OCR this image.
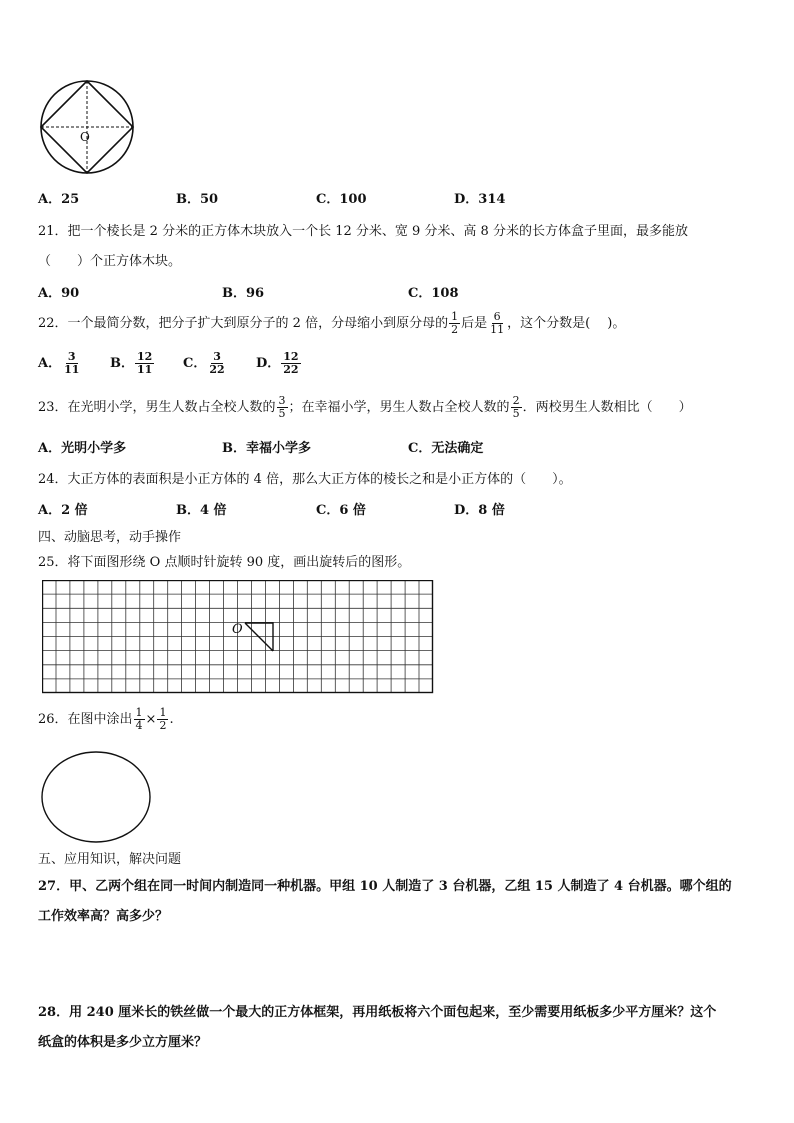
O
A．25	B．50	C．100	D．314
21．把一个棱长是 2 分米的正方体木块放入一个长 12 分米、宽 9 分米、高 8 分米的长方体盒子里面，最多能放
（　　）个正方体木块。
A．90	B．96	C．108
22．一个最简分数，把分子扩大到原分子的 2 倍，分母缩小到原分母的 $\frac{1}{2}$ 后是 $\frac{6}{11}$ ，这个分数是(　 )。
A． $\frac{3}{11}$ B． $\frac{12}{11}$ C． $\frac{3}{22}$ D． $\frac{12}{22}$
23．在光明小学，男生人数占全校人数的 $\frac{3}{5}$ ；在幸福小学，男生人数占全校人数的 $\frac{2}{5}$ ．两校男生人数相比（　　）
A．光明小学多	B．幸福小学多	C．无法确定
24．大正方体的表面积是小正方体的 4 倍，那么大正方体的棱长之和是小正方体的（　　）。
A．2 倍	B．4 倍	C．6 倍	D．8 倍
四、动脑思考，动手操作
25．将下面图形绕 O 点顺时针旋转 90 度，画出旋转后的图形。
O
26．在图中涂出 $\frac{1}{4} \times \frac{1}{2}$ .
五、应用知识，解决问题
27．甲、乙两个组在同一时间内制造同一种机器。甲组 10 人制造了 3 台机器，乙组 15 人制造了 4 台机器。哪个组的
工作效率高？高多少？
28．用 240 厘米长的铁丝做一个最大的正方体框架，再用纸板将六个面包起来，至少需要用纸板多少平方厘米？这个
纸盒的体积是多少立方厘米？
